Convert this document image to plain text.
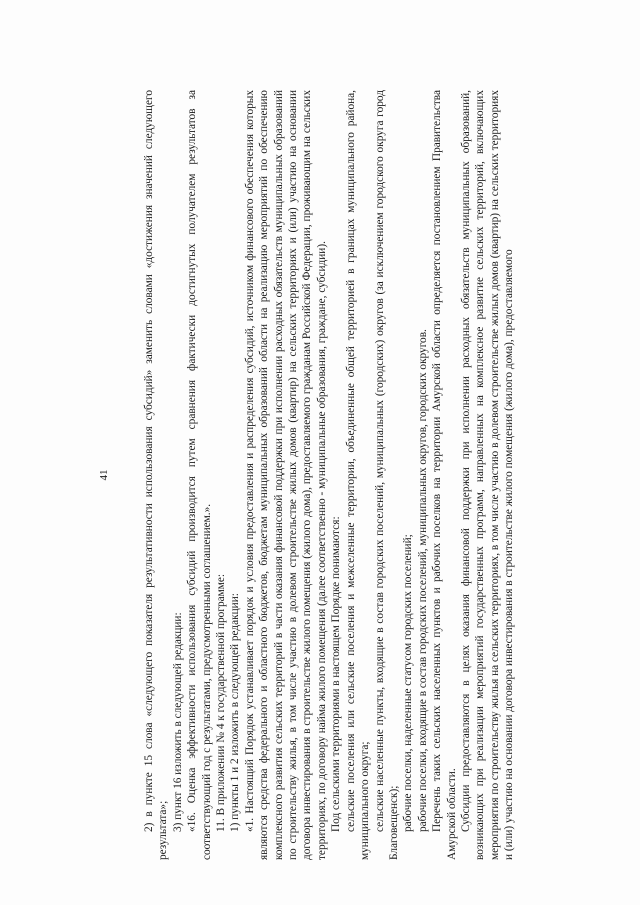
41	2) в пункте 15 слова «следующего показателя результативности использования субсидий» заменить словами «достижения значений следующего результата»; 3) пункт 16 изложить в следующей редакции: «16. Оценка эффективности использования субсидий производится путем сравнения фактически достигнутых получателем результатов за соответствующий год с результатами, предусмотренными соглашением.». 11. В приложении № 4 к государственной программе: 1) пункты 1 и 2 изложить в следующей редакции: «1. Настоящий Порядок устанавливает порядок и условия предоставления и распределения субсидий, источником финансового обеспечения которых являются средства федерального и областного бюджетов, бюджетам муниципальных образований области на реализацию мероприятий по обеспечению комплексного развития сельских территорий в части оказания финансовой поддержки при исполнении расходных обязательств муниципальных образований по строительству жилья, в том числе участию в долевом строительстве жилых домов (квартир) на сельских территориях и (или) участию на основании договора инвестирования в строительстве жилого помещения (жилого дома), предоставляемого гражданам Российской Федерации, проживающим на сельских территориях, по договору найма жилого помещения (далее соответственно - муниципальные образования, граждане, субсидии). Под сельскими территориями в настоящем Порядке понимаются: сельские поселения или сельские поселения и межселенные территории, объединенные общей территорией в границах муниципального района, муниципального округа; сельские населенные пункты, входящие в состав городских поселений, муниципальных (городских) округов (за исключением городского округа город Благовещенск); рабочие поселки, наделенные статусом городских поселений; рабочие поселки, входящие в состав городских поселений, муниципальных округов, городских округов. Перечень таких сельских населенных пунктов и рабочих поселков на территории Амурской области определяется постановлением Правительства Амурской области. Субсидии предоставляются в целях оказания финансовой поддержки при исполнении расходных обязательств муниципальных образований, возникающих при реализации мероприятий государственных программ, направленных на комплексное развитие сельских территорий, включающих мероприятия по строительству жилья на сельских территориях, в том числе участию в долевом строительстве жилых домов (квартир) на сельских территориях и (или) участию на основании договора инвестирования в строительстве жилого помещения (жилого дома), предоставляемого
